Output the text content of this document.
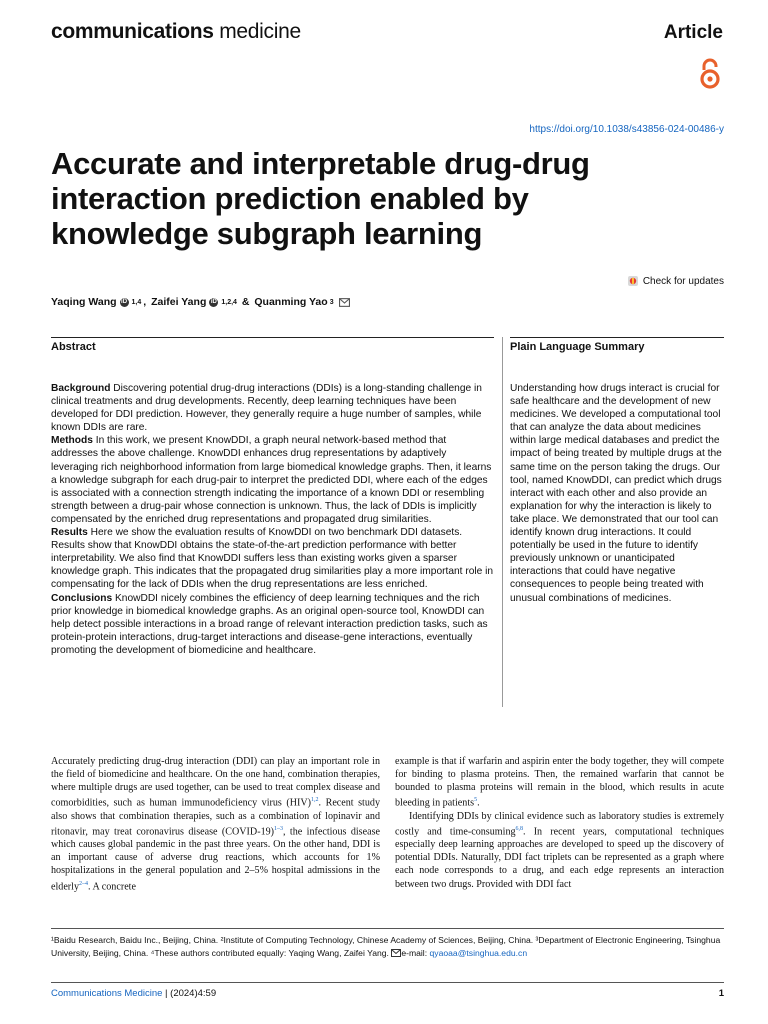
communications medicine	Article
https://doi.org/10.1038/s43856-024-00486-y
Accurate and interpretable drug-drug interaction prediction enabled by knowledge subgraph learning
Check for updates
Yaqing Wang iD 1,4 , Zaifei Yang iD 1,2,4 & Quanming Yao 3
Abstract	Plain Language Summary

Background Discovering potential drug-drug interactions (DDIs) is a long-standing challenge in clinical treatments and drug developments. Recently, deep learning techniques have been developed for DDI prediction. However, they generally require a huge number of samples, while known DDIs are rare.

Methods In this work, we present KnowDDI, a graph neural network-based method that addresses the above challenge. KnowDDI enhances drug representations by adaptively leveraging rich neighborhood information from large biomedical knowledge graphs. Then, it learns a knowledge subgraph for each drug-pair to interpret the predicted DDI, where each of the edges is associated with a connection strength indicating the importance of a known DDI or resembling strength between a drug-pair whose connection is unknown. Thus, the lack of DDIs is implicitly compensated by the enriched drug representations and propagated drug similarities.

Results Here we show the evaluation results of KnowDDI on two benchmark DDI datasets. Results show that KnowDDI obtains the state-of-the-art prediction performance with better interpretability. We also find that KnowDDI suffers less than existing works given a sparser knowledge graph. This indicates that the propagated drug similarities play a more important role in compensating for the lack of DDIs when the drug representations are less enriched.

Conclusions KnowDDI nicely combines the efficiency of deep learning techniques and the rich prior knowledge in biomedical knowledge graphs. As an original open-source tool, KnowDDI can help detect possible interactions in a broad range of relevant interaction prediction tasks, such as protein-protein interactions, drug-target interactions and disease-gene interactions, eventually promoting the development of biomedicine and healthcare.

Understanding how drugs interact is crucial for safe healthcare and the development of new medicines. We developed a computational tool that can analyze the data about medicines within large medical databases and predict the impact of being treated by multiple drugs at the same time on the person taking the drugs. Our tool, named KnowDDI, can predict which drugs interact with each other and also provide an explanation for why the interaction is likely to take place. We demonstrated that our tool can identify known drug interactions. It could potentially be used in the future to identify previously unknown or unanticipated interactions that could have negative consequences to people being treated with unusual combinations of medicines.

Accurately predicting drug-drug interaction (DDI) can play an important role in the field of biomedicine and healthcare. On the one hand, combination therapies, where multiple drugs are used together, can be used to treat complex disease and comorbidities, such as human immunodeficiency virus (HIV)$^{1,2}$. Recent study also shows that combination therapies, such as a combination of lopinavir and ritonavir, may treat coronavirus disease (COVID-19)$^{1-3}$, the infectious disease which causes global pandemic in the past three years. On the other hand, DDI is an important cause of adverse drug reactions, which accounts for 1% hospitalizations in the general population and 2–5% hospital admissions in the elderly$^{2-4}$. A concrete

example is that if warfarin and aspirin enter the body together, they will compete for binding to plasma proteins. Then, the remained warfarin that cannot be bounded to plasma proteins will remain in the blood, which results in acute bleeding in patients$^5$.

Identifying DDIs by clinical evidence such as laboratory studies is extremely costly and time-consuming$^{6,8}$. In recent years, computational techniques especially deep learning approaches are developed to speed up the discovery of potential DDIs. Naturally, DDI fact triplets can be represented as a graph where each node corresponds to a drug, and each edge represents an interaction between two drugs. Provided with DDI fact

¹Baidu Research, Baidu Inc., Beijing, China. ²Institute of Computing Technology, Chinese Academy of Sciences, Beijing, China. ³Department of Electronic Engineering, Tsinghua University, Beijing, China. ⁴These authors contributed equally: Yaqing Wang, Zaifei Yang. e-mail: qyaoaa@tsinghua.edu.cn
Communications Medicine | (2024)4:59	1
